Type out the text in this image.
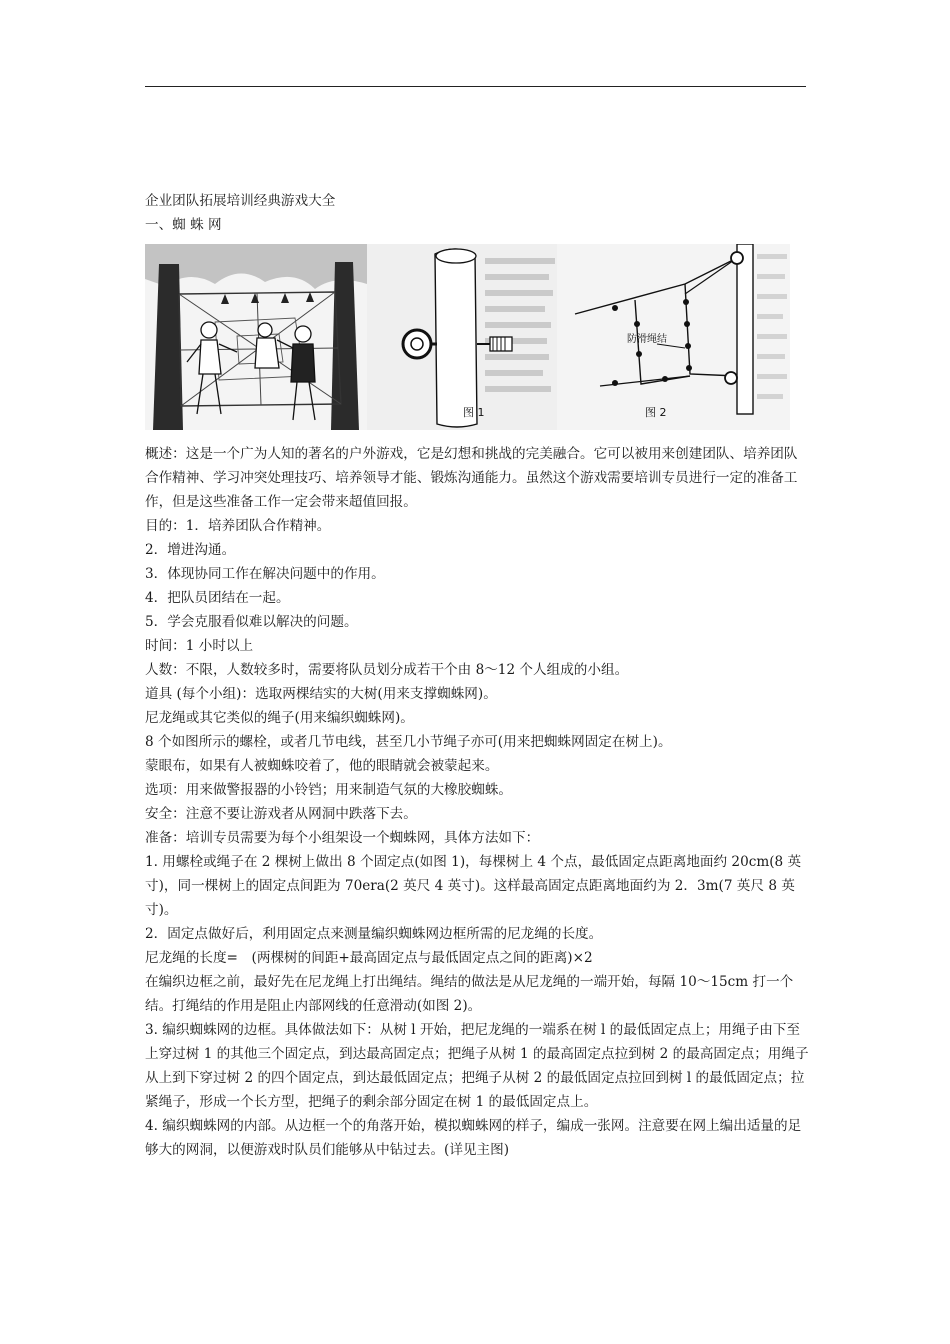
企业团队拓展培训经典游戏大全
一、蜘 蛛 网
图 1
防滑绳结
图 2

概述：这是一个广为人知的著名的户外游戏，它是幻想和挑战的完美融合。它可以被用来创建团队、培养团队合作精神、学习冲突处理技巧、培养领导才能、锻炼沟通能力。虽然这个游戏需要培训专员进行一定的准备工作，但是这些准备工作一定会带来超值回报。

目的：1．培养团队合作精神。

2．增进沟通。

3．体现协同工作在解决问题中的作用。

4．把队员团结在一起。

5．学会克服看似难以解决的问题。

时间：1 小时以上

人数：不限，人数较多时，需要将队员划分成若干个由 8～12 个人组成的小组。

道具 (每个小组)：选取两棵结实的大树(用来支撑蜘蛛网)。

尼龙绳或其它类似的绳子(用来编织蜘蛛网)。

8 个如图所示的螺栓，或者几节电线，甚至几小节绳子亦可(用来把蜘蛛网固定在树上)。

蒙眼布，如果有人被蜘蛛咬着了，他的眼睛就会被蒙起来。

选项：用来做警报器的小铃铛；用来制造气氛的大橡胶蜘蛛。

安全：注意不要让游戏者从网洞中跌落下去。

准备：培训专员需要为每个小组架设一个蜘蛛网，具体方法如下：

1. 用螺栓或绳子在 2 棵树上做出 8 个固定点(如图 1)，每棵树上 4 个点，最低固定点距离地面约 20cm(8 英寸)，同一棵树上的固定点间距为 70era(2 英尺 4 英寸)。这样最高固定点距离地面约为 2．3m(7 英尺 8 英寸)。

2．固定点做好后，利用固定点来测量编织蜘蛛网边框所需的尼龙绳的长度。

尼龙绳的长度=　(两棵树的间距+最高固定点与最低固定点之间的距离)×2

在编织边框之前，最好先在尼龙绳上打出绳结。绳结的做法是从尼龙绳的一端开始，每隔 10～15cm 打一个结。打绳结的作用是阻止内部网线的任意滑动(如图 2)。

3. 编织蜘蛛网的边框。具体做法如下：从树 l 开始，把尼龙绳的一端系在树 l 的最低固定点上；用绳子由下至上穿过树 1 的其他三个固定点，到达最高固定点；把绳子从树 1 的最高固定点拉到树 2 的最高固定点；用绳子从上到下穿过树 2 的四个固定点，到达最低固定点；把绳子从树 2 的最低固定点拉回到树 l 的最低固定点；拉紧绳子，形成一个长方型，把绳子的剩余部分固定在树 1 的最低固定点上。

4. 编织蜘蛛网的内部。从边框一个的角落开始，模拟蜘蛛网的样子，编成一张网。注意要在网上编出适量的足够大的网洞，以便游戏时队员们能够从中钻过去。(详见主图)
